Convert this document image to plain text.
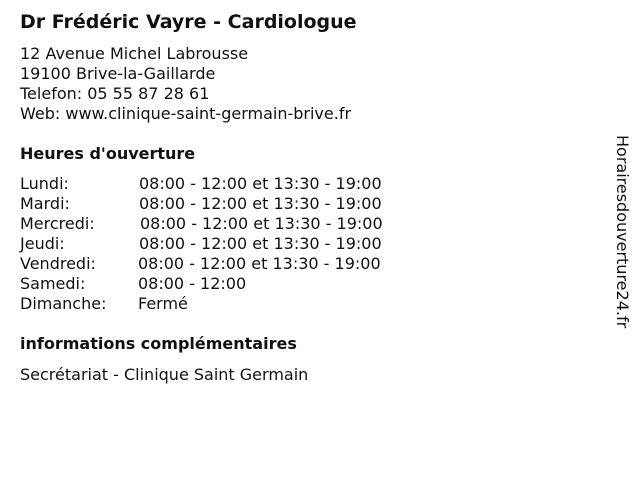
Dr Frédéric Vayre - Cardiologue
12 Avenue Michel Labrousse
19100 Brive-la-Gaillarde
Telefon: 05 55 87 28 61
Web: www.clinique-saint-germain-brive.fr
Heures d'ouverture
Lundi:	08:00 - 12:00 et 13:30 - 19:00
Mardi:	08:00 - 12:00 et 13:30 - 19:00
Mercredi:	08:00 - 12:00 et 13:30 - 19:00
Jeudi:	08:00 - 12:00 et 13:30 - 19:00
Vendredi:	08:00 - 12:00 et 13:30 - 19:00
Samedi:	08:00 - 12:00
Dimanche: Fermé
informations complémentaires
Secrétariat - Clinique Saint Germain
Horairesdouverture24.fr
